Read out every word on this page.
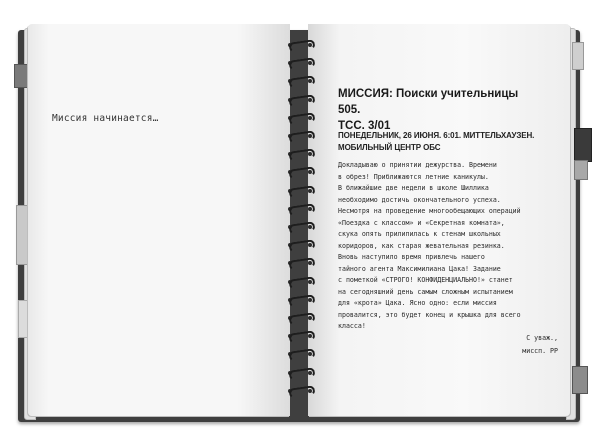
Миссия начинается…
МИССИЯ: Поиски учительницы 505.
ТСС. 3/01
ПОНЕДЕЛЬНИК, 26 ИЮНЯ. 6:01. МИТТЕЛЬХАУЗЕН.
МОБИЛЬНЫЙ ЦЕНТР ОБС
Докладываю о принятии дежурства. Времени
в обрез! Приближаются летние каникулы.
В ближайшие две недели в школе Шиллика
необходимо достичь окончательного успеха.
Несмотря на проведение многообещающих операций
«Поездка с классом» и «Секретная комната»,
скука опять прилипилась к стенам школьных
коридоров, как старая жевательная резинка.
Вновь наступило время привлечь нашего
тайного агента Максимилиана Цака! Задание
с пометкой «СТРОГО! КОНФИДЕНЦИАЛЬНО!» станет
на сегодняшний день самым сложным испытанием
для «крота» Цака. Ясно одно: если миссия
провалится, это будет конец и крышка для всего
класса!
С уваж.,
миссп. РР
